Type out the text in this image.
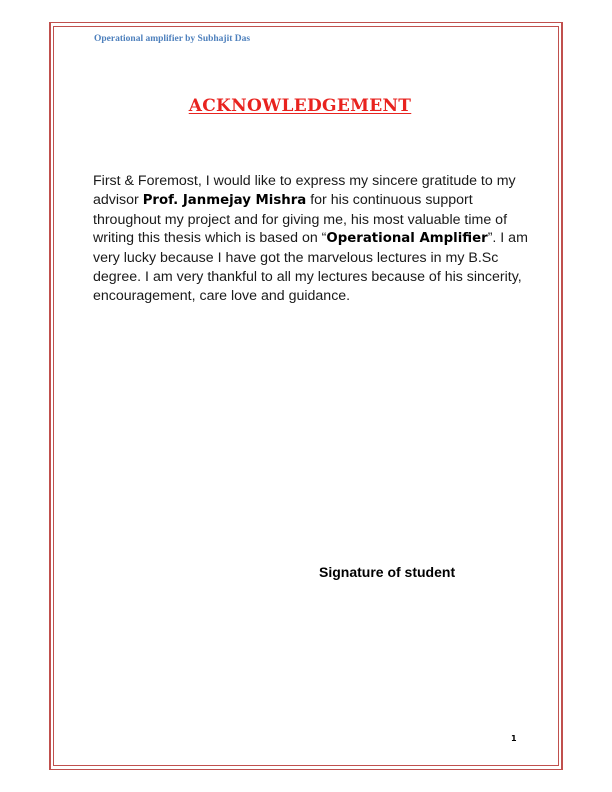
Operational amplifier by Subhajit Das
ACKNOWLEDGEMENT
First & Foremost, I would like to express my sincere gratitude to my advisor Prof. Janmejay Mishra for his continuous support throughout my project and for giving me, his most valuable time of writing this thesis which is based on “Operational Amplifier”. I am very lucky because I have got the marvelous lectures in my B.Sc degree. I am very thankful to all my lectures because of his sincerity, encouragement, care love and guidance.
Signature of student
1
